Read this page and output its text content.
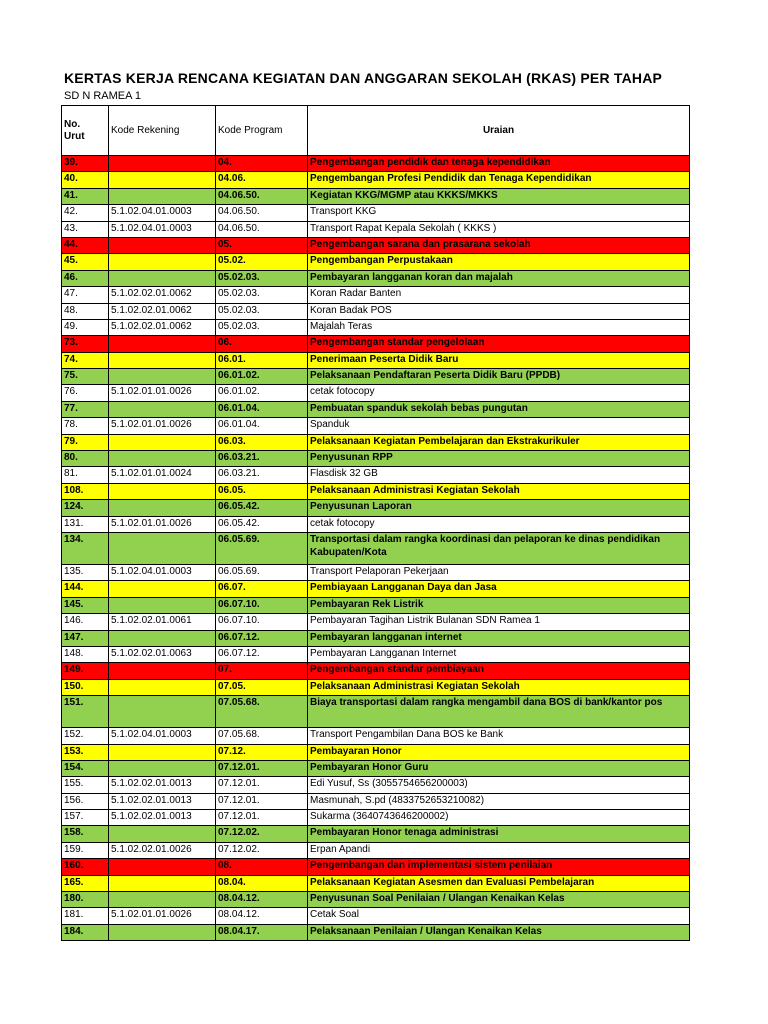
KERTAS KERJA RENCANA KEGIATAN DAN ANGGARAN SEKOLAH (RKAS) PER TAHAP
SD N RAMEA 1
No.
Urut	Kode Rekening	Kode Program	Uraian
39.		04.	Pengembangan pendidik dan tenaga kependidikan
40.		04.06.	Pengembangan Profesi Pendidik dan Tenaga Kependidikan
41.		04.06.50.	Kegiatan KKG/MGMP atau KKKS/MKKS
42.	5.1.02.04.01.0003	04.06.50.	Transport KKG
43.	5.1.02.04.01.0003	04.06.50.	Transport Rapat Kepala Sekolah ( KKKS )
44.		05.	Pengembangan sarana dan prasarana sekolah
45.		05.02.	Pengembangan Perpustakaan
46.		05.02.03.	Pembayaran langganan koran dan majalah
47.	5.1.02.02.01.0062	05.02.03.	Koran Radar Banten
48.	5.1.02.02.01.0062	05.02.03.	Koran Badak POS
49.	5.1.02.02.01.0062	05.02.03.	Majalah Teras
73.		06.	Pengembangan standar pengelolaan
74.		06.01.	Penerimaan Peserta Didik Baru
75.		06.01.02.	Pelaksanaan Pendaftaran Peserta Didik Baru (PPDB)
76.	5.1.02.01.01.0026	06.01.02.	cetak fotocopy
77.		06.01.04.	Pembuatan spanduk sekolah bebas pungutan
78.	5.1.02.01.01.0026	06.01.04.	Spanduk
79.		06.03.	Pelaksanaan Kegiatan Pembelajaran dan Ekstrakurikuler
80.		06.03.21.	Penyusunan RPP
81.	5.1.02.01.01.0024	06.03.21.	Flasdisk 32 GB
108.		06.05.	Pelaksanaan Administrasi Kegiatan Sekolah
124.		06.05.42.	Penyusunan Laporan
131.	5.1.02.01.01.0026	06.05.42.	cetak fotocopy
134.		06.05.69.	Transportasi dalam rangka koordinasi dan pelaporan ke dinas pendidikan Kabupaten/Kota
135.	5.1.02.04.01.0003	06.05.69.	Transport Pelaporan Pekerjaan
144.		06.07.	Pembiayaan Langganan Daya dan Jasa
145.		06.07.10.	Pembayaran Rek Listrik
146.	5.1.02.02.01.0061	06.07.10.	Pembayaran Tagihan Listrik Bulanan SDN Ramea 1
147.		06.07.12.	Pembayaran langganan internet
148.	5.1.02.02.01.0063	06.07.12.	Pembayaran Langganan Internet
149.		07.	Pengembangan standar pembiayaan
150.		07.05.	Pelaksanaan Administrasi Kegiatan Sekolah
151.		07.05.68.	Biaya transportasi dalam rangka mengambil dana BOS di bank/kantor pos
152.	5.1.02.04.01.0003	07.05.68.	Transport Pengambilan Dana BOS ke Bank
153.		07.12.	Pembayaran Honor
154.		07.12.01.	Pembayaran Honor Guru
155.	5.1.02.02.01.0013	07.12.01.	Edi Yusuf, Ss (3055754656200003)
156.	5.1.02.02.01.0013	07.12.01.	Masmunah, S.pd (4833752653210082)
157.	5.1.02.02.01.0013	07.12.01.	Sukarma (3640743646200002)
158.		07.12.02.	Pembayaran Honor tenaga administrasi
159.	5.1.02.02.01.0026	07.12.02.	Erpan Apandi
160.		08.	Pengembangan dan implementasi sistem penilaian
165.		08.04.	Pelaksanaan Kegiatan Asesmen dan Evaluasi Pembelajaran
180.		08.04.12.	Penyusunan Soal Penilaian / Ulangan Kenaikan Kelas
181.	5.1.02.01.01.0026	08.04.12.	Cetak Soal
184.		08.04.17.	Pelaksanaan Penilaian / Ulangan Kenaikan Kelas
